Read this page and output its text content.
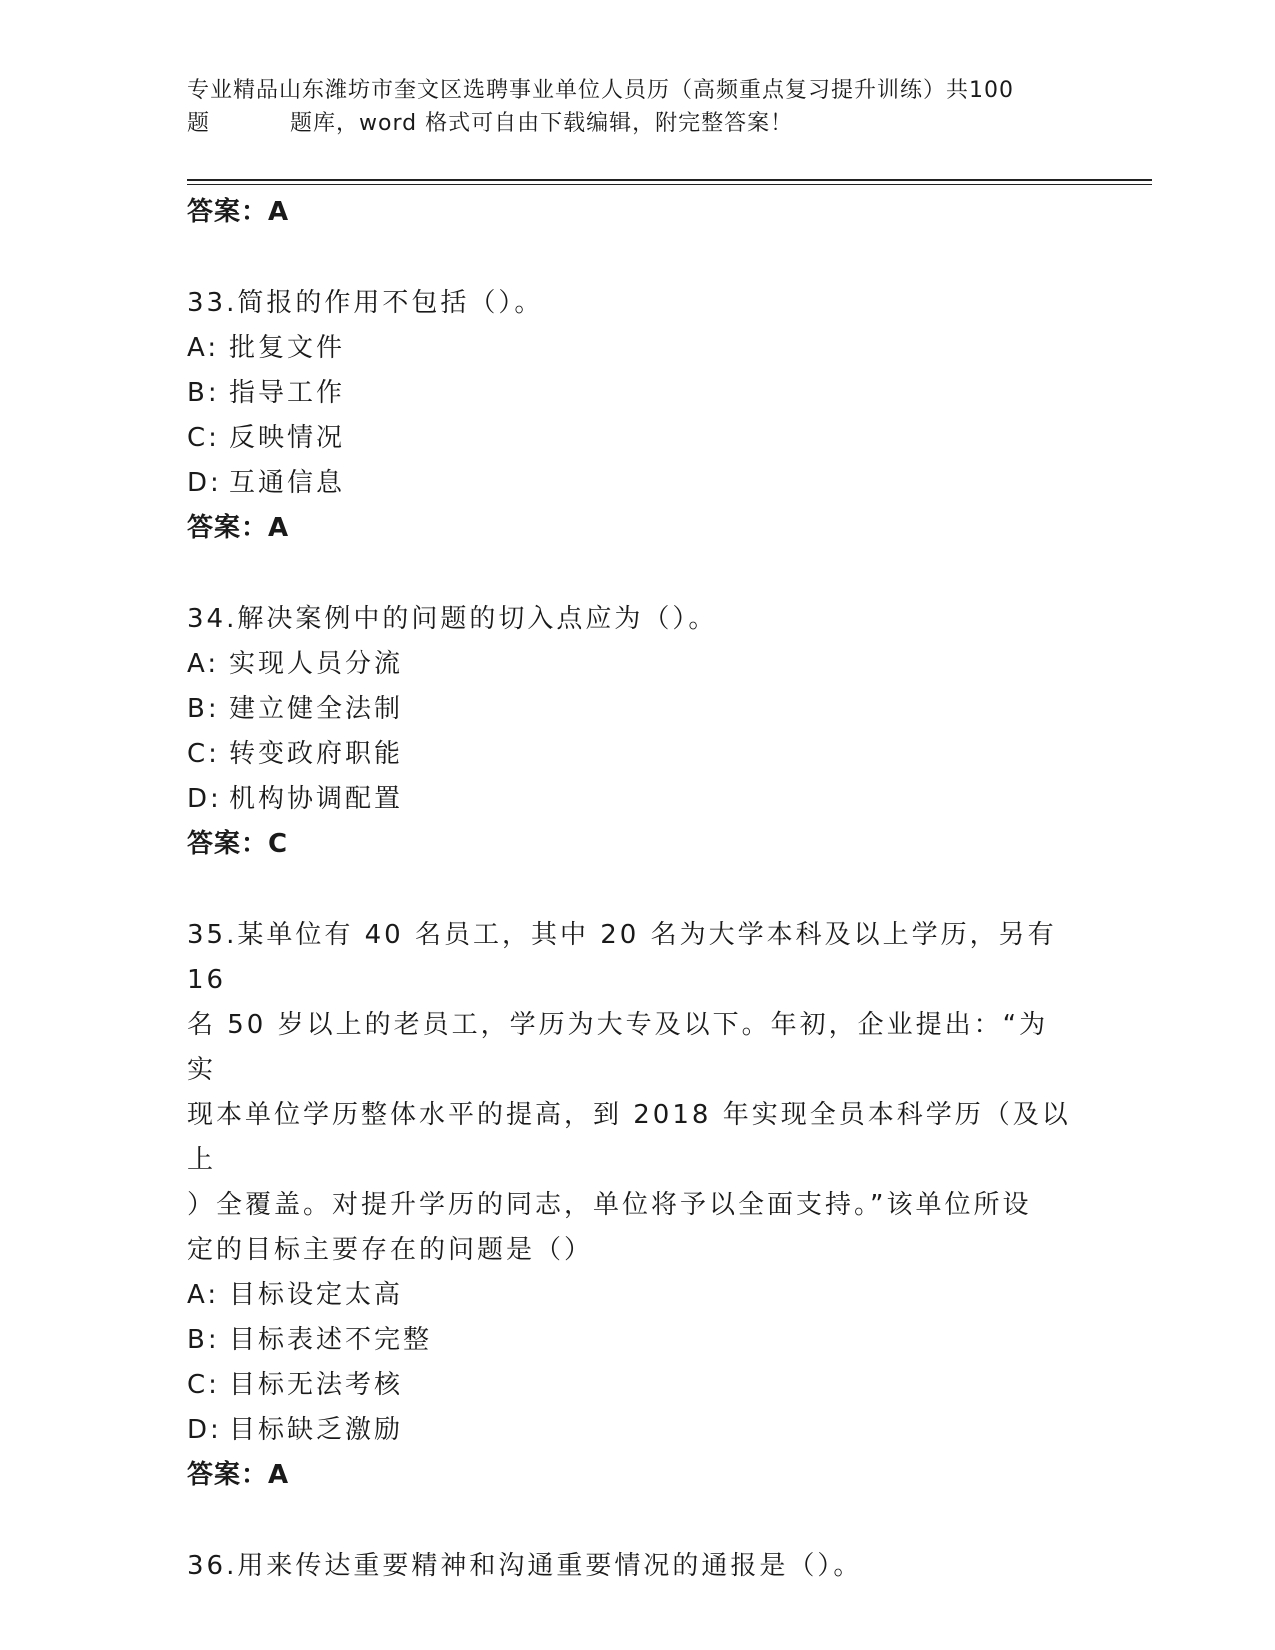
专业精品山东潍坊市奎文区选聘事业单位人员历（高频重点复习提升训练）共100
题	题库，word 格式可自由下载编辑，附完整答案！
答案：A
33.简报的作用不包括（）。
A: 批复文件
B: 指导工作
C: 反映情况
D: 互通信息
答案：A
34.解决案例中的问题的切入点应为（）。
A: 实现人员分流
B: 建立健全法制
C: 转变政府职能
D: 机构协调配置
答案：C
35.某单位有 40 名员工，其中 20 名为大学本科及以上学历，另有 16
名 50 岁以上的老员工，学历为大专及以下。年初，企业提出：“为实
现本单位学历整体水平的提高，到 2018 年实现全员本科学历（及以上
）全覆盖。对提升学历的同志，单位将予以全面支持。”该单位所设
定的目标主要存在的问题是（）
A: 目标设定太高
B: 目标表述不完整
C: 目标无法考核
D: 目标缺乏激励
答案：A
36.用来传达重要精神和沟通重要情况的通报是（）。
